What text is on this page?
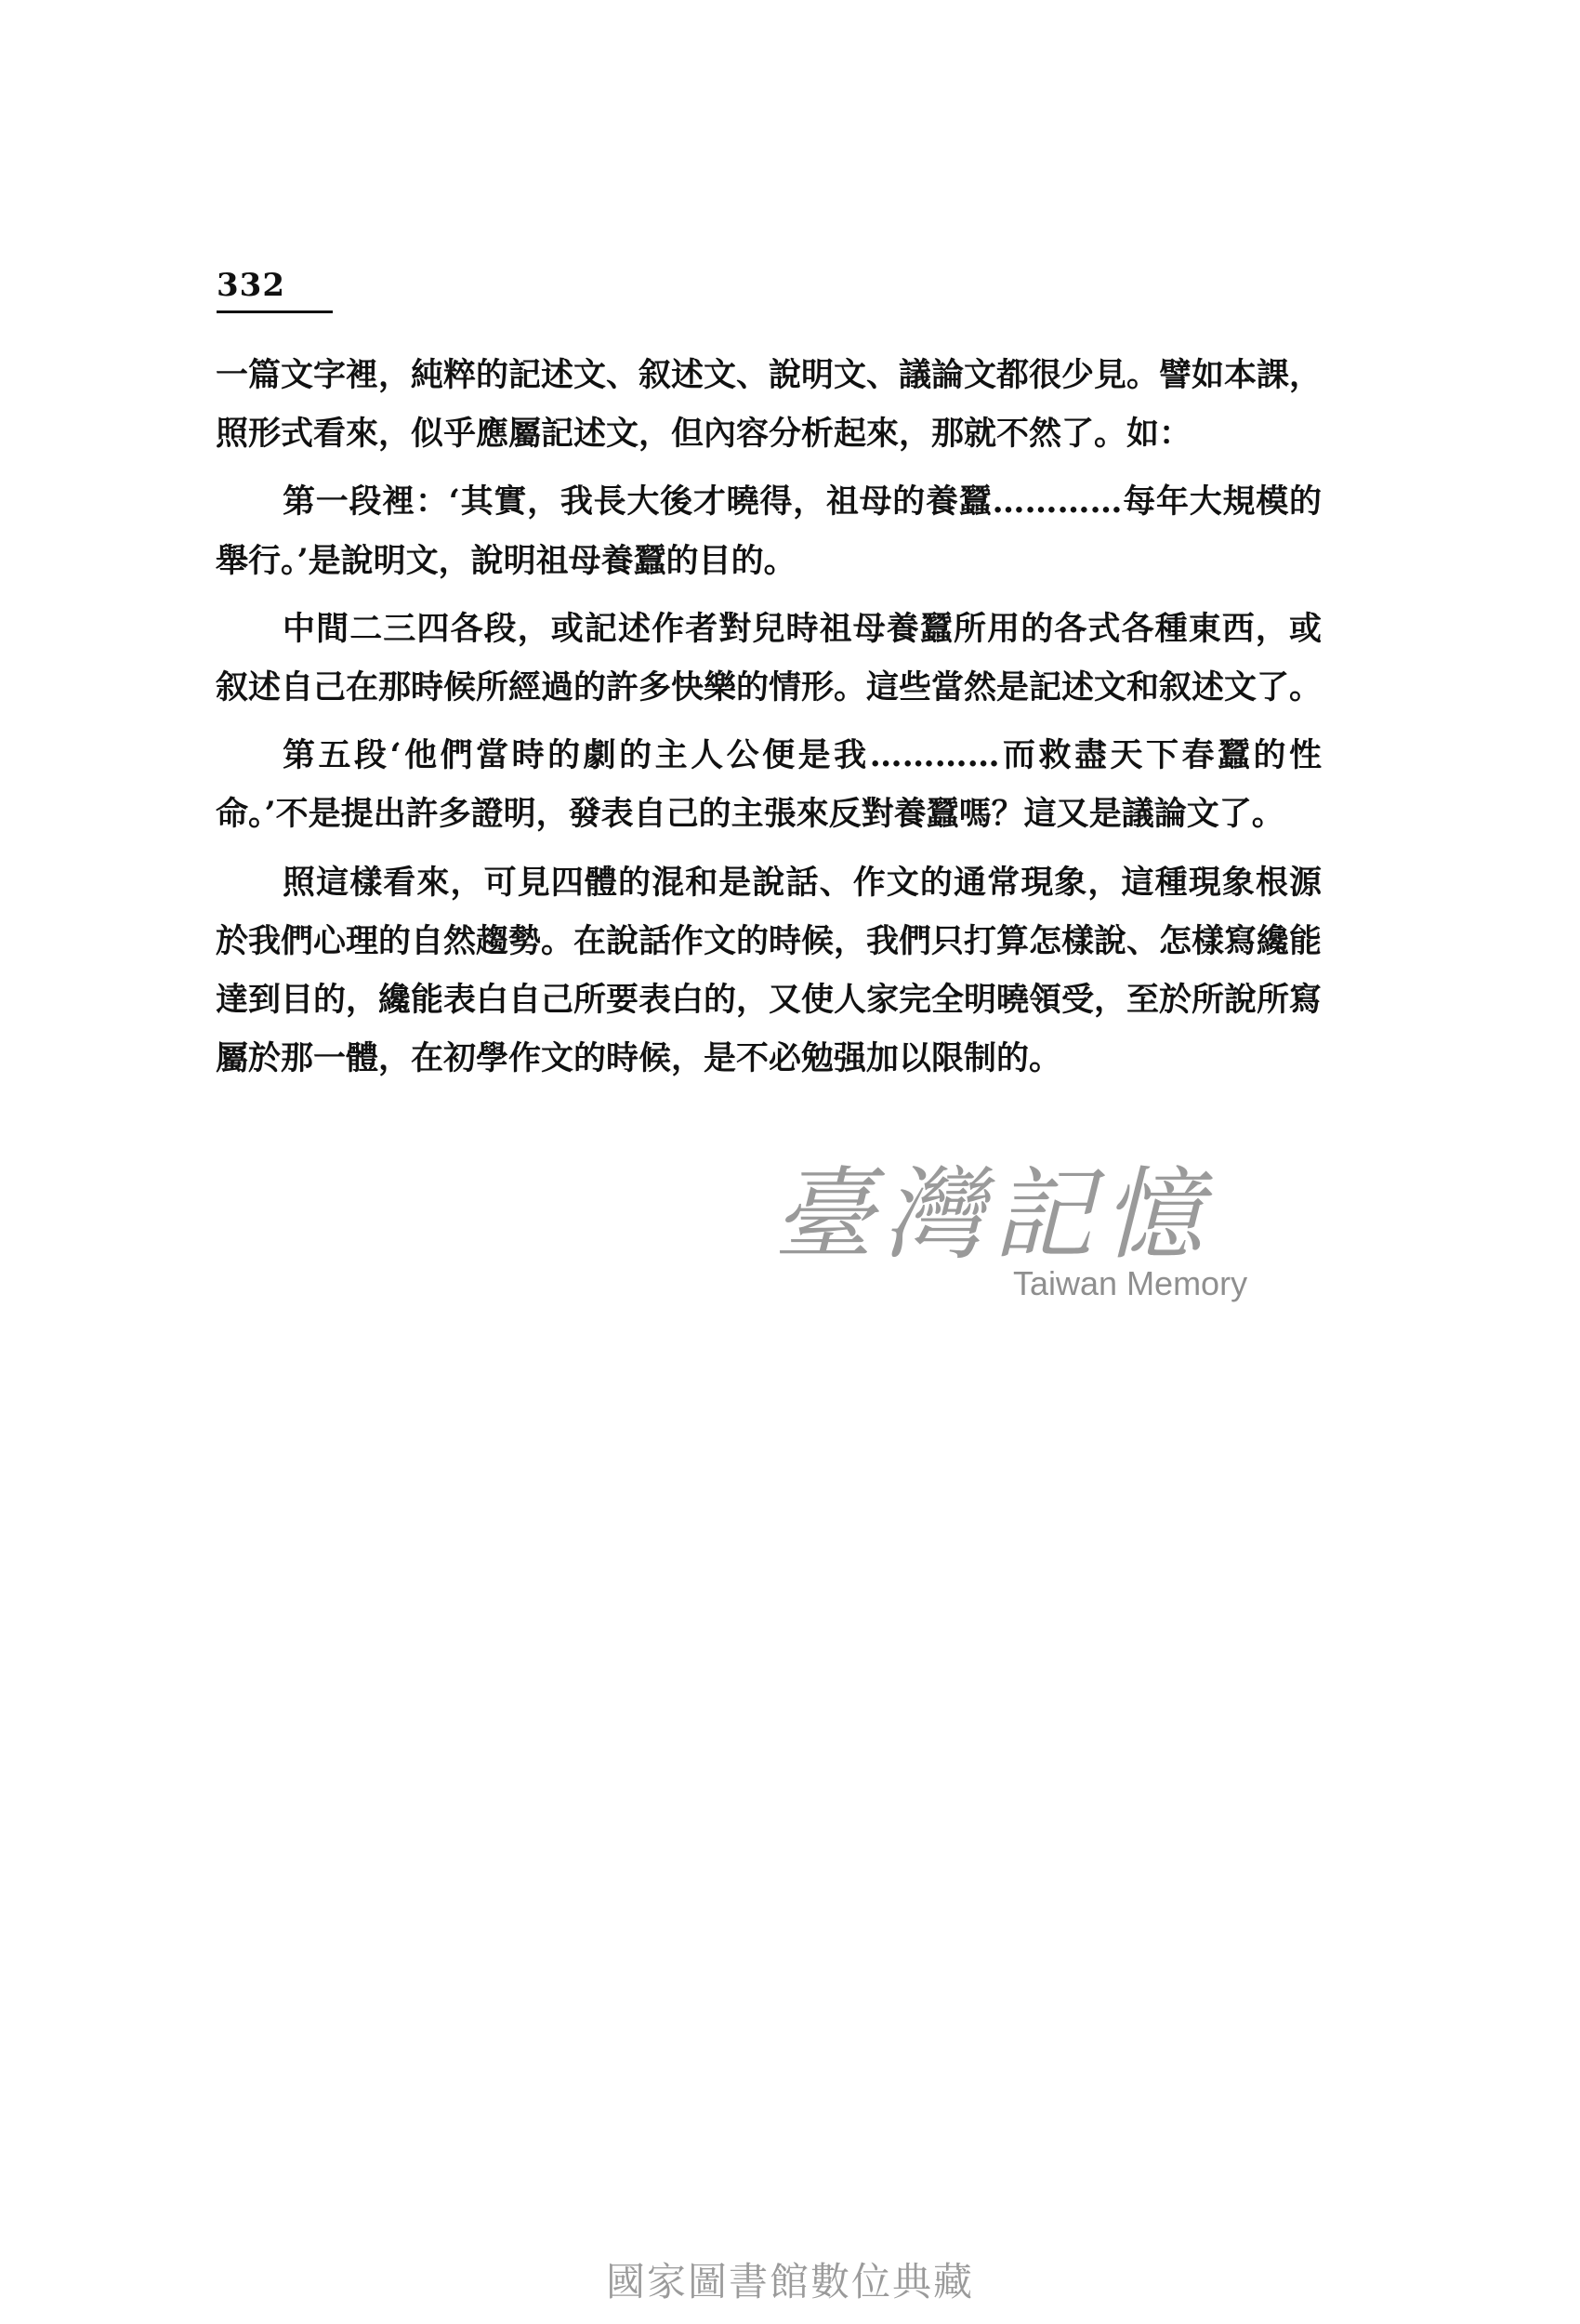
332

一篇文字裡，純粹的記述文、叙述文、說明文、議論文都很少見。譬如本課，照形式看來，似乎應屬記述文，但內容分析起來，那就不然了。如：

第一段裡：‘其實，我長大後才曉得，祖母的養蠶…………每年大規模的舉行。’是說明文，說明祖母養蠶的目的。

中間二三四各段，或記述作者對兒時祖母養蠶所用的各式各種東西，或叙述自己在那時候所經過的許多快樂的情形。這些當然是記述文和叙述文了。

第五段‘他們當時的劇的主人公便是我…………而救盡天下春蠶的性命。’不是提出許多證明，發表自己的主張來反對養蠶嗎？這又是議論文了。

照這樣看來，可見四體的混和是說話、作文的通常現象，這種現象根源於我們心理的自然趨勢。在說話作文的時候，我們只打算怎樣說、怎樣寫纔能達到目的，纔能表白自己所要表白的，又使人家完全明曉領受，至於所說所寫屬於那一體，在初學作文的時候，是不必勉强加以限制的。

臺灣記憶
Taiwan Memory
國家圖書館數位典藏
